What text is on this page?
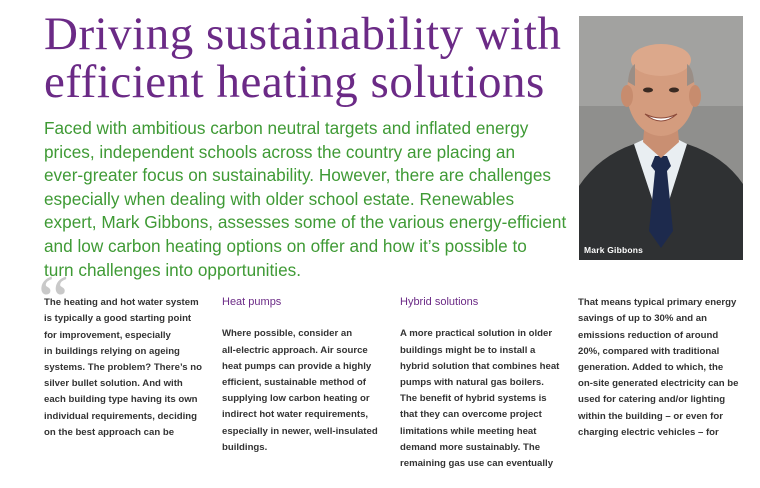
Driving sustainability with
efficient heating solutions

Faced with ambitious carbon neutral targets and inflated energy
prices, independent schools across the country are placing an
ever-greater focus on sustainability. However, there are challenges
especially when dealing with older school estate. Renewables
expert, Mark Gibbons, assesses some of the various energy-efficient
and low carbon heating options on offer and how it’s possible to
turn challenges into opportunities.

Mark Gibbons
“

The heating and hot water system
is typically a good starting point
for improvement, especially
in buildings relying on ageing
systems. The problem? There’s no
silver bullet solution. And with
each building type having its own
individual requirements, deciding
on the best approach can be

Heat pumps

Where possible, consider an
all-electric approach. Air source
heat pumps can provide a highly
efficient, sustainable method of
supplying low carbon heating or
indirect hot water requirements,
especially in newer, well-insulated
buildings.

Hybrid solutions

A more practical solution in older
buildings might be to install a
hybrid solution that combines heat
pumps with natural gas boilers.
The benefit of hybrid systems is
that they can overcome project
limitations while meeting heat
demand more sustainably. The
remaining gas use can eventually

That means typical primary energy
savings of up to 30% and an
emissions reduction of around
20%, compared with traditional
generation. Added to which, the
on-site generated electricity can be
used for catering and/or lighting
within the building – or even for
charging electric vehicles – for
